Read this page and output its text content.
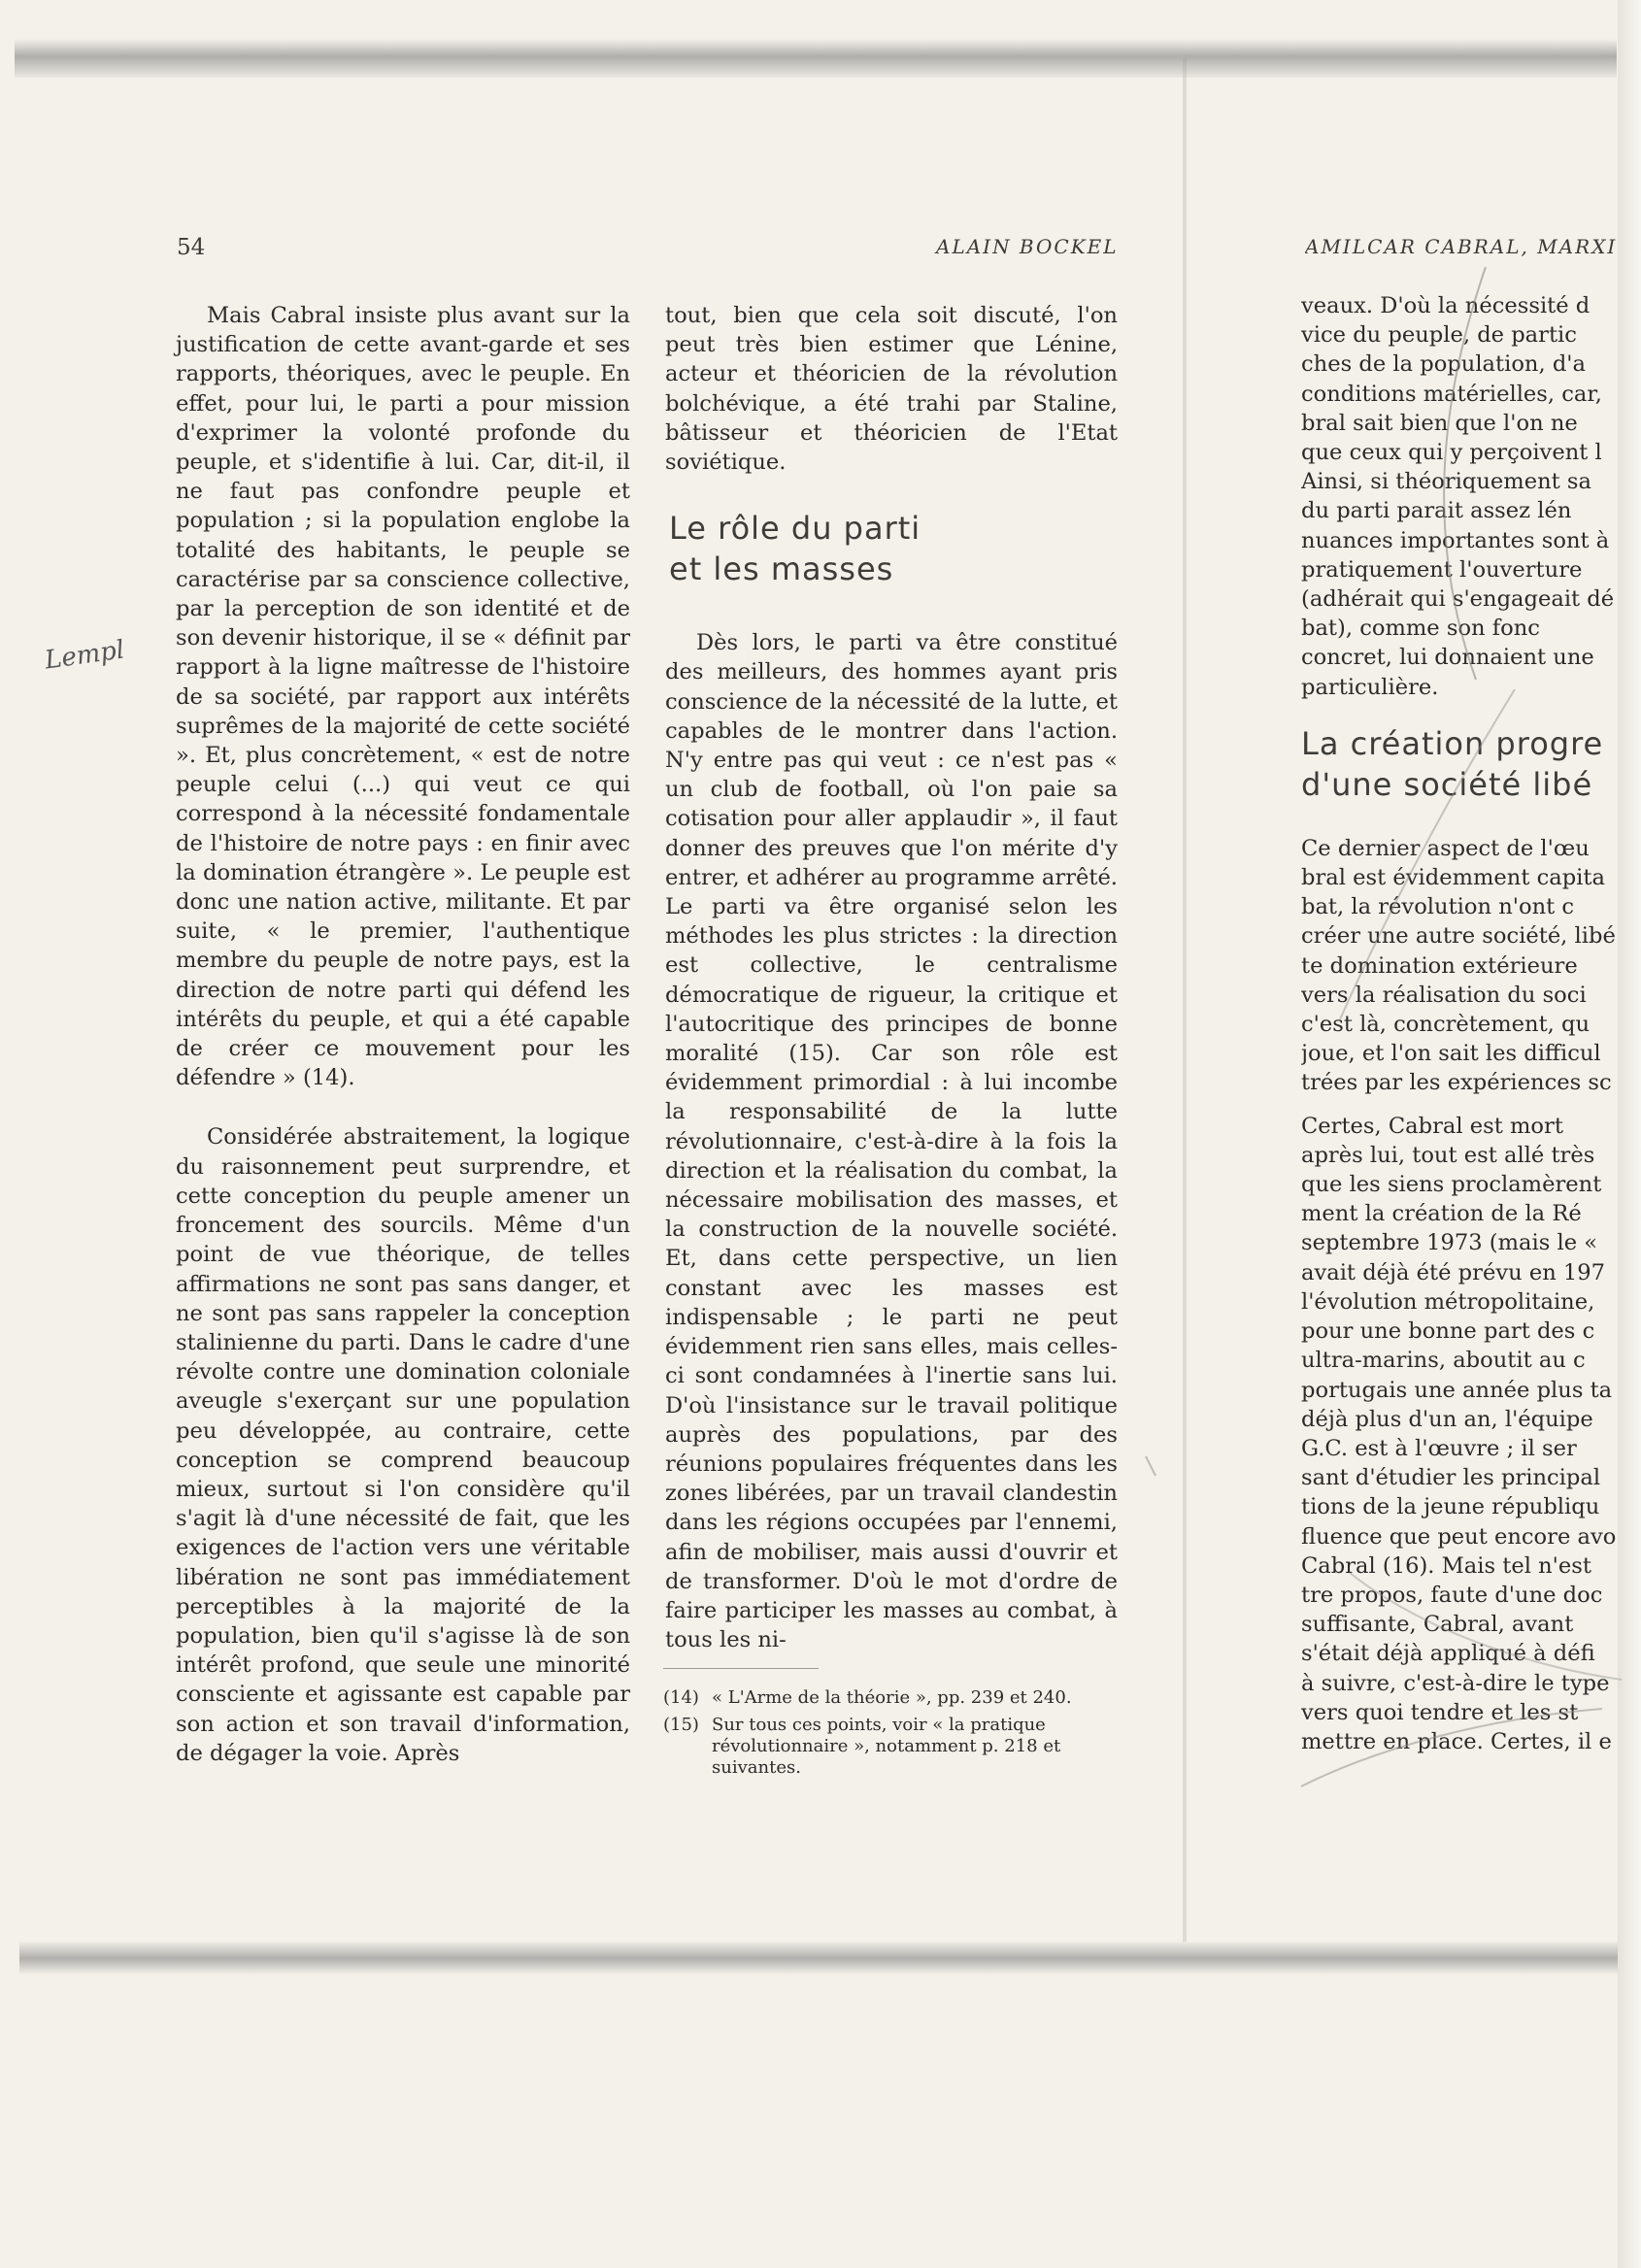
54	ALAIN BOCKEL	AMILCAR CABRAL, MARXI
Lempl

Mais Cabral insiste plus avant sur la justification de cette avant-garde et ses rapports, théoriques, avec le peuple. En effet, pour lui, le parti a pour mission d'exprimer la volonté profonde du peuple, et s'identifie à lui. Car, dit-il, il ne faut pas confondre peuple et population ; si la population englobe la totalité des habitants, le peuple se caractérise par sa conscience collective, par la perception de son identité et de son devenir historique, il se « définit par rapport à la ligne maîtresse de l'histoire de sa société, par rapport aux intérêts suprêmes de la majorité de cette société ». Et, plus concrètement, « est de notre peuple celui (...) qui veut ce qui correspond à la nécessité fondamentale de l'histoire de notre pays : en finir avec la domination étrangère ». Le peuple est donc une nation active, militante. Et par suite, « le premier, l'authentique membre du peuple de notre pays, est la direction de notre parti qui défend les intérêts du peuple, et qui a été capable de créer ce mouvement pour les défendre » (14).

Considérée abstraitement, la logique du raisonnement peut surprendre, et cette conception du peuple amener un froncement des sourcils. Même d'un point de vue théorique, de telles affirmations ne sont pas sans danger, et ne sont pas sans rappeler la conception stalinienne du parti. Dans le cadre d'une révolte contre une domination coloniale aveugle s'exerçant sur une population peu développée, au contraire, cette conception se comprend beaucoup mieux, surtout si l'on considère qu'il s'agit là d'une nécessité de fait, que les exigences de l'action vers une véritable libération ne sont pas immédiatement perceptibles à la majorité de la population, bien qu'il s'agisse là de son intérêt profond, que seule une minorité consciente et agissante est capable par son action et son travail d'information, de dégager la voie. Après

tout, bien que cela soit discuté, l'on peut très bien estimer que Lénine, acteur et théoricien de la révolution bolchévique, a été trahi par Staline, bâtisseur et théoricien de l'Etat soviétique.

Le rôle du parti
et les masses

Dès lors, le parti va être constitué des meilleurs, des hommes ayant pris conscience de la nécessité de la lutte, et capables de le montrer dans l'action. N'y entre pas qui veut : ce n'est pas « un club de football, où l'on paie sa cotisation pour aller applaudir », il faut donner des preuves que l'on mérite d'y entrer, et adhérer au programme arrêté. Le parti va être organisé selon les méthodes les plus strictes : la direction est collective, le centralisme démocratique de rigueur, la critique et l'autocritique des principes de bonne moralité (15). Car son rôle est évidemment primordial : à lui incombe la responsabilité de la lutte révolutionnaire, c'est-à-dire à la fois la direction et la réalisation du combat, la nécessaire mobilisation des masses, et la construction de la nouvelle société. Et, dans cette perspective, un lien constant avec les masses est indispensable ; le parti ne peut évidemment rien sans elles, mais celles-ci sont condamnées à l'inertie sans lui. D'où l'insistance sur le travail politique auprès des populations, par des réunions populaires fréquentes dans les zones libérées, par un travail clandestin dans les régions occupées par l'ennemi, afin de mobiliser, mais aussi d'ouvrir et de transformer. D'où le mot d'ordre de faire participer les masses au combat, à tous les ni-

(14) « L'Arme de la théorie », pp. 239 et 240.
(15) Sur tous ces points, voir « la pratique révolutionnaire », notamment p. 218 et suivantes.
veaux. D'où la nécessité d
vice du peuple, de partic
ches de la population, d'a
conditions matérielles, car,
bral sait bien que l'on ne
que ceux qui y perçoivent l
Ainsi, si théoriquement sa
du parti parait assez lén
nuances importantes sont à
pratiquement l'ouverture
(adhérait qui s'engageait dé
bat), comme son fonc
concret, lui donnaient une
particulière.
La création progre
d'une société libé
Ce dernier aspect de l'œu
bral est évidemment capita
bat, la révolution n'ont c
créer une autre société, libé
te domination extérieure
vers la réalisation du soci
c'est là, concrètement, qu
joue, et l'on sait les difficul
trées par les expériences sc
Certes, Cabral est mort
après lui, tout est allé très
que les siens proclamèrent
ment la création de la Ré
septembre 1973 (mais le «
avait déjà été prévu en 197
l'évolution métropolitaine,
pour une bonne part des c
ultra-marins, aboutit au c
portugais une année plus ta
déjà plus d'un an, l'équipe
G.C. est à l'œuvre ; il ser
sant d'étudier les principal
tions de la jeune républiqu
fluence que peut encore avo
Cabral (16). Mais tel n'est
tre propos, faute d'une doc
suffisante, Cabral, avant
s'était déjà appliqué à défi
à suivre, c'est-à-dire le type
vers quoi tendre et les st
mettre en place. Certes, il e
